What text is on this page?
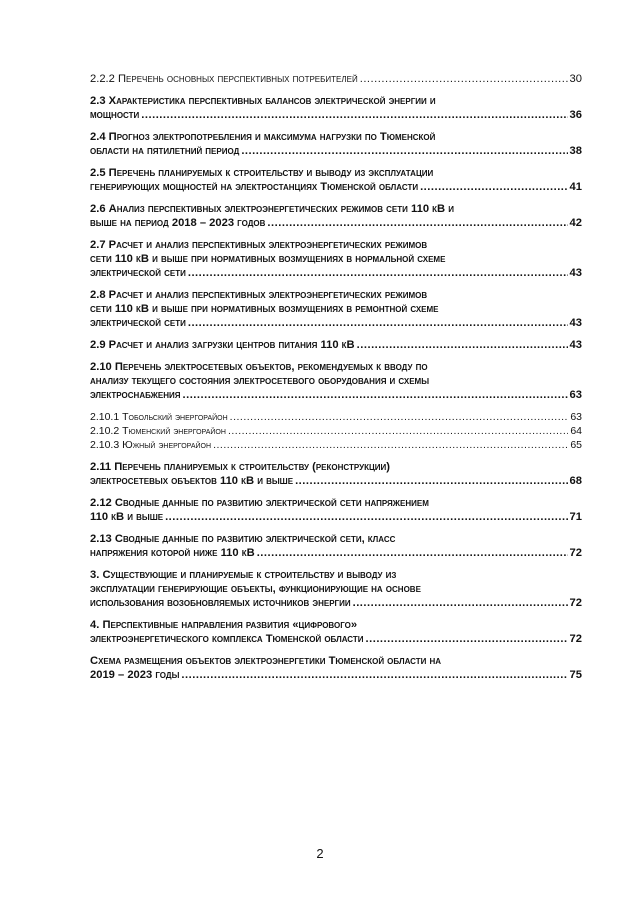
2.2.2 Перечень основных перспективных потребителей .....	30
2.3 Характеристика перспективных балансов электрической энергии и
мощности .....	36
2.4 Прогноз электропотребления и максимума нагрузки по Тюменской
области на пятилетний период .....	38
2.5 Перечень планируемых к строительству и выводу из эксплуатации
генерирующих мощностей на электростанциях Тюменской области .....	41
2.6 Анализ перспективных электроэнергетических режимов сети 110 кВ и
выше на период 2018 – 2023 годов .....	42
2.7 Расчет и анализ перспективных электроэнергетических режимов
сети 110 кВ и выше при нормативных возмущениях в нормальной схеме
электрической сети .....	43
2.8 Расчет и анализ перспективных электроэнергетических режимов
сети 110 кВ и выше при нормативных возмущениях в ремонтной схеме
электрической сети .....	43
2.9 Расчет и анализ загрузки центров питания 110 кВ .....	43
2.10 Перечень электросетевых объектов, рекомендуемых к вводу по
анализу текущего состояния электросетевого оборудования и схемы
электроснабжения .....	63
2.10.1 Тобольский энергорайон .....	63
2.10.2 Тюменский энергорайон .....	64
2.10.3 Южный энергорайон .....	65
2.11 Перечень планируемых к строительству (реконструкции)
электросетевых объектов 110 кВ и выше .....	68
2.12 Сводные данные по развитию электрической сети напряжением
110 кВ и выше .....	71
2.13 Сводные данные по развитию электрической сети, класс
напряжения которой ниже 110 кВ .....	72
3. Существующие и планируемые к строительству и выводу из
эксплуатации генерирующие объекты, функционирующие на основе
использования возобновляемых источников энергии .....	72
4. Перспективные направления развития «цифрового»
электроэнергетического комплекса Тюменской области .....	72
Схема размещения объектов электроэнергетики Тюменской области на
2019 – 2023 годы .....	75
2
